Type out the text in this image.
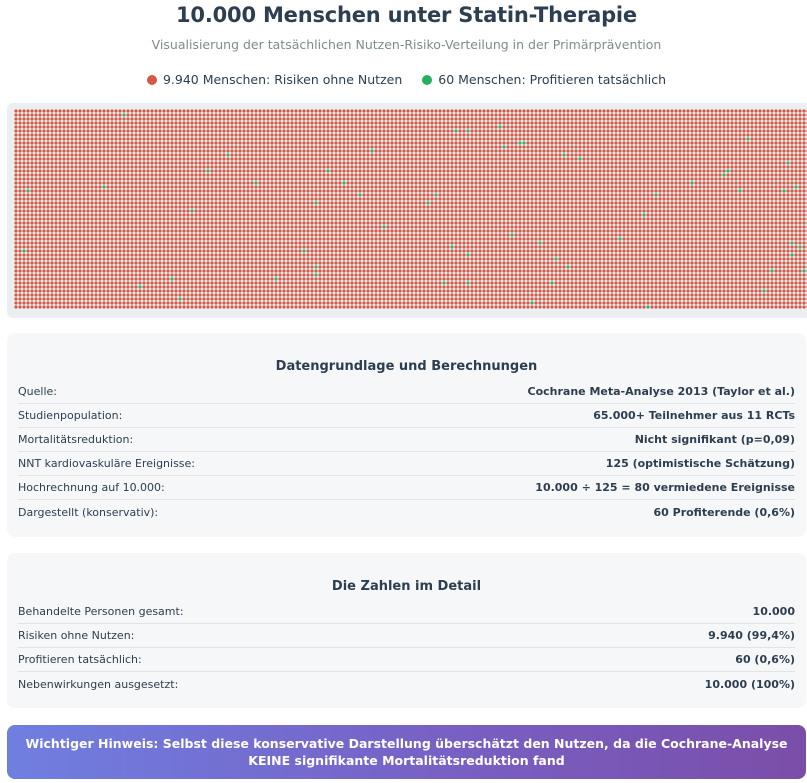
10.000 Menschen unter Statin-Therapie
Visualisierung der tatsächlichen Nutzen-Risiko-Verteilung in der Primärprävention
9.940 Menschen: Risiken ohne Nutzen	60 Menschen: Profitieren tatsächlich
Datengrundlage und Berechnungen
Quelle:	Cochrane Meta-Analyse 2013 (Taylor et al.)
Studienpopulation:	65.000+ Teilnehmer aus 11 RCTs
Mortalitätsreduktion:	Nicht signifikant (p=0,09)
NNT kardiovaskuläre Ereignisse:	125 (optimistische Schätzung)
Hochrechnung auf 10.000:	10.000 ÷ 125 = 80 vermiedene Ereignisse
Dargestellt (konservativ):	60 Profiterende (0,6%)
Die Zahlen im Detail
Behandelte Personen gesamt:	10.000
Risiken ohne Nutzen:	9.940 (99,4%)
Profitieren tatsächlich:	60 (0,6%)
Nebenwirkungen ausgesetzt:	10.000 (100%)
Wichtiger Hinweis: Selbst diese konservative Darstellung überschätzt den Nutzen, da die Cochrane-Analyse KEINE signifikante Mortalitätsreduktion fand
